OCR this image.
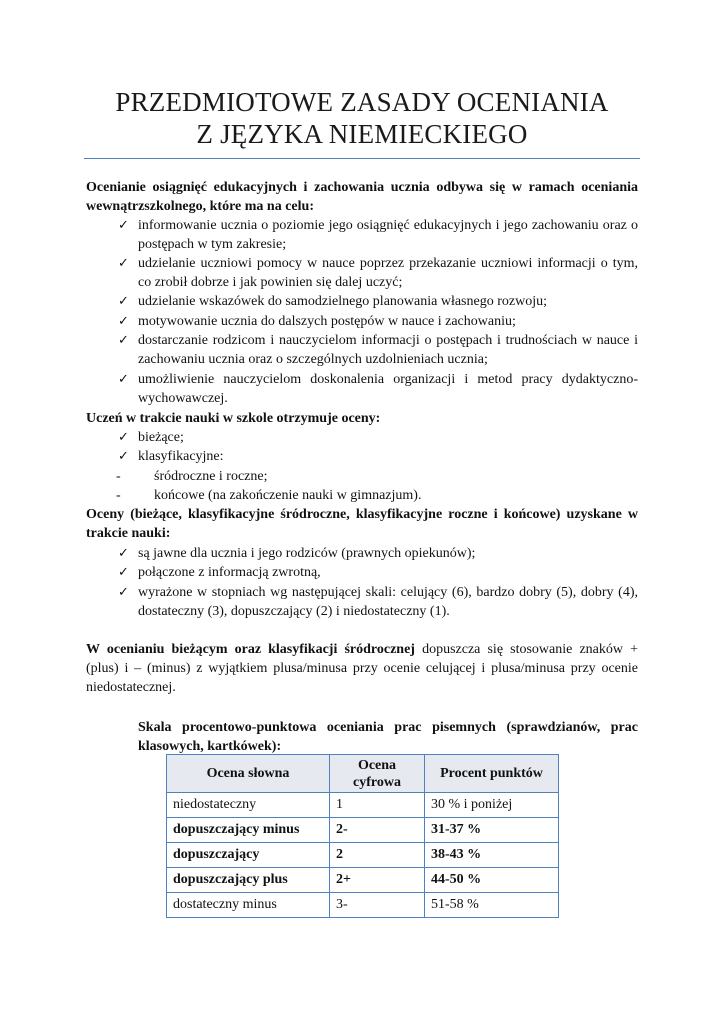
PRZEDMIOTOWE ZASADY OCENIANIA
Z JĘZYKA NIEMIECKIEGO
Ocenianie osiągnięć edukacyjnych i zachowania ucznia odbywa się w ramach oceniania wewnątrzszkolnego, które ma na celu:
✓ informowanie ucznia o poziomie jego osiągnięć edukacyjnych i jego zachowaniu oraz o postępach w tym zakresie;
✓ udzielanie uczniowi pomocy w nauce poprzez przekazanie uczniowi informacji o tym, co zrobił dobrze i jak powinien się dalej uczyć;
✓ udzielanie wskazówek do samodzielnego planowania własnego rozwoju;
✓ motywowanie ucznia do dalszych postępów w nauce i zachowaniu;
✓ dostarczanie rodzicom i nauczycielom informacji o postępach i trudnościach w nauce i zachowaniu ucznia oraz o szczególnych uzdolnieniach ucznia;
✓ umożliwienie nauczycielom doskonalenia organizacji i metod pracy dydaktyczno-wychowawczej.
Uczeń w trakcie nauki w szkole otrzymuje oceny:
✓ bieżące;
✓ klasyfikacyjne:
- śródroczne i roczne;
- końcowe (na zakończenie nauki w gimnazjum).
Oceny (bieżące, klasyfikacyjne śródroczne, klasyfikacyjne roczne i końcowe) uzyskane w trakcie nauki:
✓ są jawne dla ucznia i jego rodziców (prawnych opiekunów);
✓ połączone z informacją zwrotną,
✓ wyrażone w stopniach wg następującej skali: celujący (6), bardzo dobry (5), dobry (4), dostateczny (3), dopuszczający (2) i niedostateczny (1).
W ocenianiu bieżącym oraz klasyfikacji śródrocznej dopuszcza się stosowanie znaków + (plus) i – (minus) z wyjątkiem plusa/minusa przy ocenie celującej i plusa/minusa przy ocenie niedostatecznej.
Skala procentowo-punktowa oceniania prac pisemnych (sprawdzianów, prac klasowych, kartkówek):
Ocena słowna	Ocena cyfrowa	Procent punktów
niedostateczny	1	30 % i poniżej
dopuszczający minus	2-	31-37 %
dopuszczający	2	38-43 %
dopuszczający plus	2+	44-50 %
dostateczny minus	3-	51-58 %
